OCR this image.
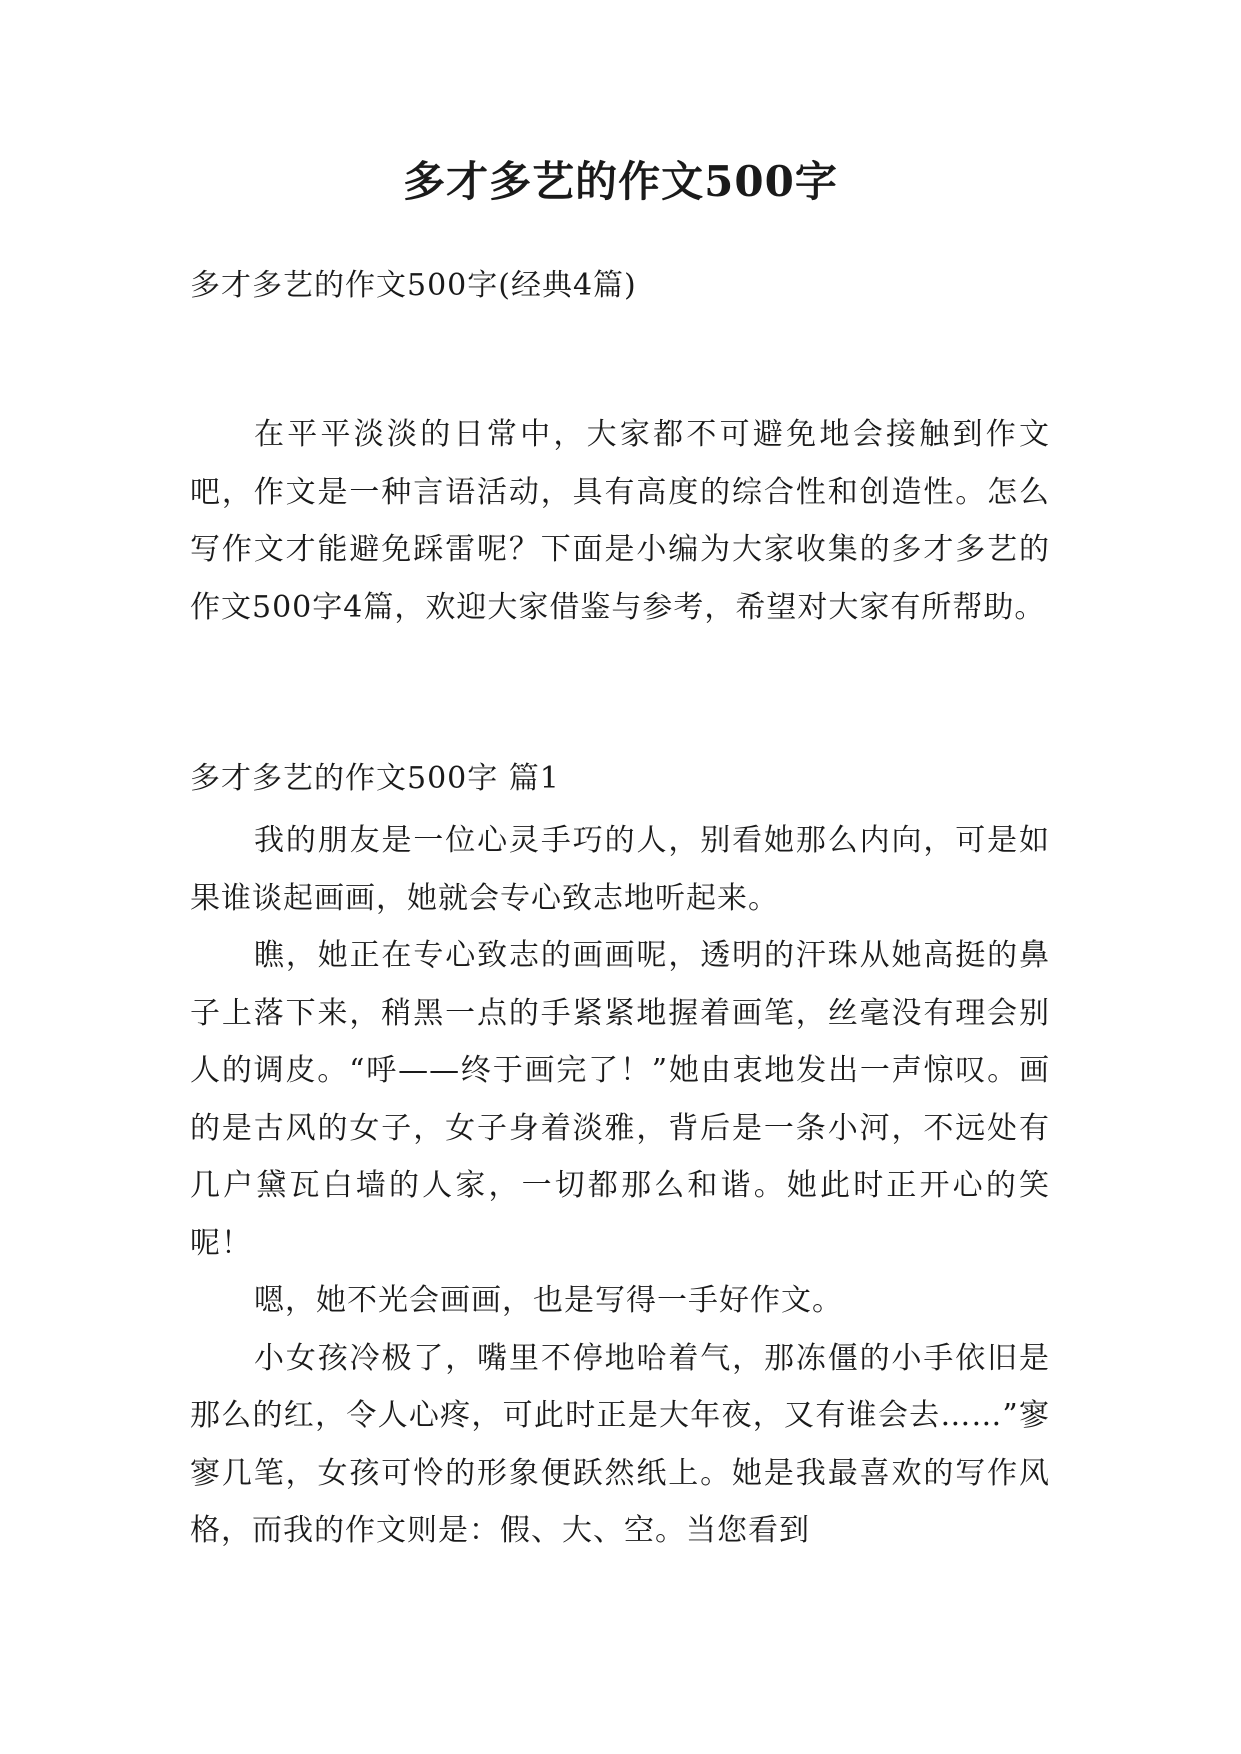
多才多艺的作文500字
多才多艺的作文500字(经典4篇)
在平平淡淡的日常中，大家都不可避免地会接触到作文吧，作文是一种言语活动，具有高度的综合性和创造性。怎么写作文才能避免踩雷呢？下面是小编为大家收集的多才多艺的作文500字4篇，欢迎大家借鉴与参考，希望对大家有所帮助。
多才多艺的作文500字 篇1

我的朋友是一位心灵手巧的人，别看她那么内向，可是如果谁谈起画画，她就会专心致志地听起来。

瞧，她正在专心致志的画画呢，透明的汗珠从她高挺的鼻子上落下来，稍黑一点的手紧紧地握着画笔，丝毫没有理会别人的调皮。“呼——终于画完了！”她由衷地发出一声惊叹。画的是古风的女子，女子身着淡雅，背后是一条小河，不远处有几户黛瓦白墙的人家，一切都那么和谐。她此时正开心的笑呢！

嗯，她不光会画画，也是写得一手好作文。

小女孩冷极了，嘴里不停地哈着气，那冻僵的小手依旧是那么的红，令人心疼，可此时正是大年夜，又有谁会去……”寥寥几笔，女孩可怜的形象便跃然纸上。她是我最喜欢的写作风格，而我的作文则是：假、大、空。当您看到
